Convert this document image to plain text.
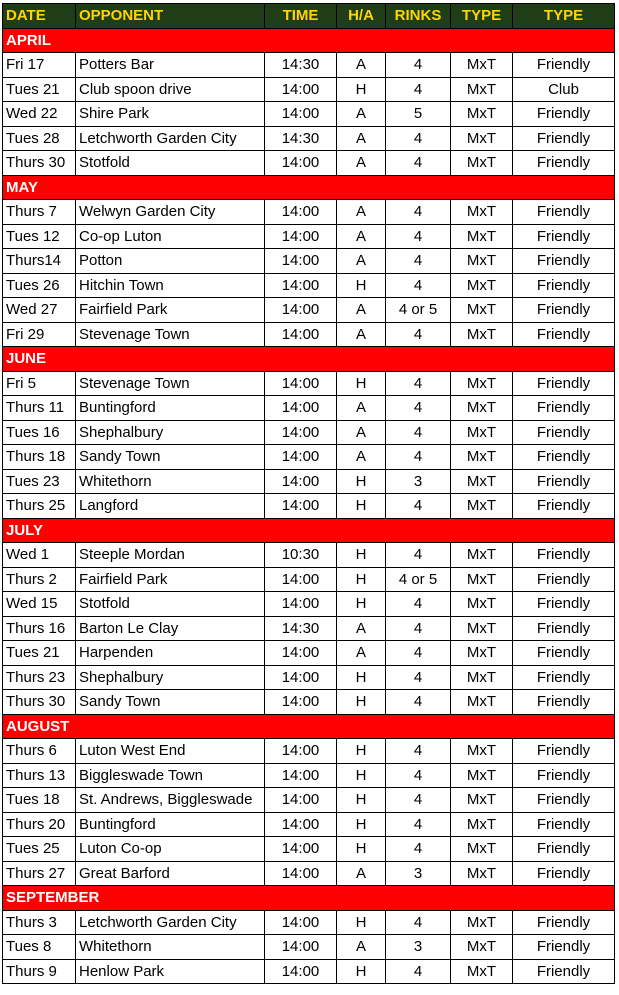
DATE	OPPONENT	TIME	H/A	RINKS	TYPE	TYPE
APRIL						
Fri 17	Potters Bar	14:30	A	4	MxT	Friendly
Tues 21	Club spoon drive	14:00	H	4	MxT	Club
Wed 22	Shire Park	14:00	A	5	MxT	Friendly
Tues 28	Letchworth Garden City	14:30	A	4	MxT	Friendly
Thurs 30	Stotfold	14:00	A	4	MxT	Friendly
MAY						
Thurs 7	Welwyn Garden City	14:00	A	4	MxT	Friendly
Tues 12	Co-op Luton	14:00	A	4	MxT	Friendly
Thurs14	Potton	14:00	A	4	MxT	Friendly
Tues 26	Hitchin Town	14:00	H	4	MxT	Friendly
Wed 27	Fairfield Park	14:00	A	4 or 5	MxT	Friendly
Fri 29	Stevenage Town	14:00	A	4	MxT	Friendly
JUNE						
Fri 5	Stevenage Town	14:00	H	4	MxT	Friendly
Thurs 11	Buntingford	14:00	A	4	MxT	Friendly
Tues 16	Shephalbury	14:00	A	4	MxT	Friendly
Thurs 18	Sandy Town	14:00	A	4	MxT	Friendly
Tues 23	Whitethorn	14:00	H	3	MxT	Friendly
Thurs 25	Langford	14:00	H	4	MxT	Friendly
JULY						
Wed 1	Steeple Mordan	10:30	H	4	MxT	Friendly
Thurs 2	Fairfield Park	14:00	H	4 or 5	MxT	Friendly
Wed 15	Stotfold	14:00	H	4	MxT	Friendly
Thurs 16	Barton Le Clay	14:30	A	4	MxT	Friendly
Tues 21	Harpenden	14:00	A	4	MxT	Friendly
Thurs 23	Shephalbury	14:00	H	4	MxT	Friendly
Thurs 30	Sandy Town	14:00	H	4	MxT	Friendly
AUGUST						
Thurs 6	Luton West End	14:00	H	4	MxT	Friendly
Thurs 13	Biggleswade Town	14:00	H	4	MxT	Friendly
Tues 18	St. Andrews, Biggleswade	14:00	H	4	MxT	Friendly
Thurs 20	Buntingford	14:00	H	4	MxT	Friendly
Tues 25	Luton Co-op	14:00	H	4	MxT	Friendly
Thurs 27	Great Barford	14:00	A	3	MxT	Friendly
SEPTEMBER						
Thurs 3	Letchworth Garden City	14:00	H	4	MxT	Friendly
Tues 8	Whitethorn	14:00	A	3	MxT	Friendly
Thurs 9	Henlow Park	14:00	H	4	MxT	Friendly
